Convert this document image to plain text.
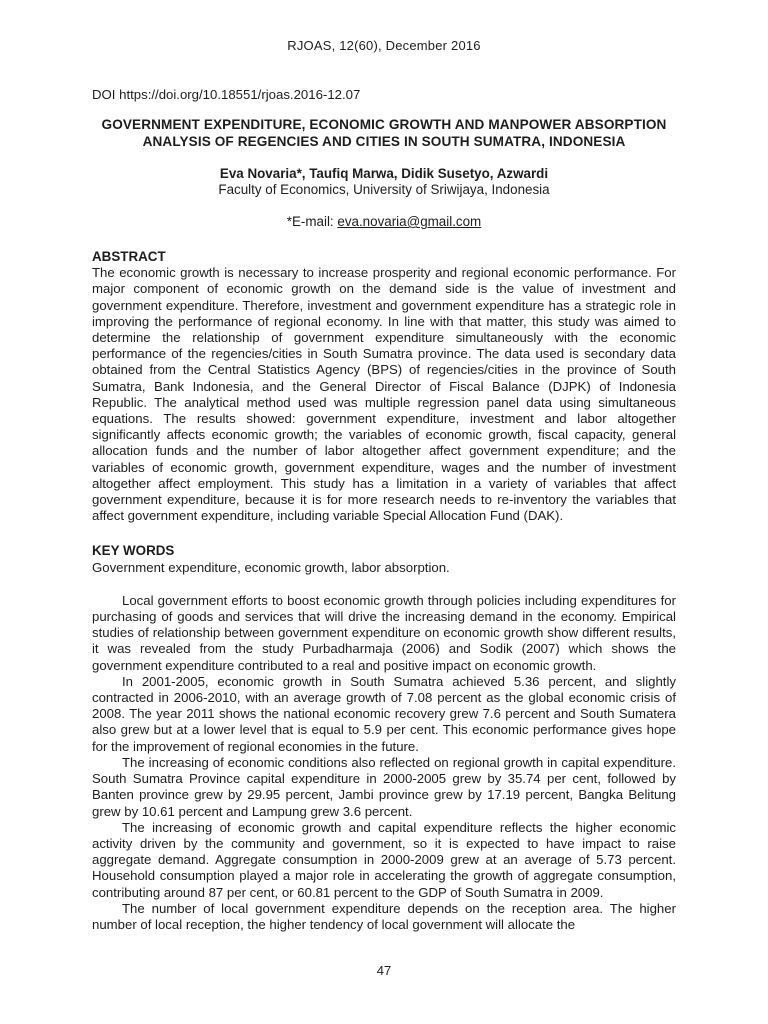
RJOAS, 12(60), December 2016
DOI https://doi.org/10.18551/rjoas.2016-12.07
GOVERNMENT EXPENDITURE, ECONOMIC GROWTH AND MANPOWER ABSORPTION
ANALYSIS OF REGENCIES AND CITIES IN SOUTH SUMATRA, INDONESIA
Eva Novaria*, Taufiq Marwa, Didik Susetyo, Azwardi
Faculty of Economics, University of Sriwijaya, Indonesia
*E-mail: eva.novaria@gmail.com
ABSTRACT

The economic growth is necessary to increase prosperity and regional economic performance. For major component of economic growth on the demand side is the value of investment and government expenditure. Therefore, investment and government expenditure has a strategic role in improving the performance of regional economy. In line with that matter, this study was aimed to determine the relationship of government expenditure simultaneously with the economic performance of the regencies/cities in South Sumatra province. The data used is secondary data obtained from the Central Statistics Agency (BPS) of regencies/cities in the province of South Sumatra, Bank Indonesia, and the General Director of Fiscal Balance (DJPK) of Indonesia Republic. The analytical method used was multiple regression panel data using simultaneous equations. The results showed: government expenditure, investment and labor altogether significantly affects economic growth; the variables of economic growth, fiscal capacity, general allocation funds and the number of labor altogether affect government expenditure; and the variables of economic growth, government expenditure, wages and the number of investment altogether affect employment. This study has a limitation in a variety of variables that affect government expenditure, because it is for more research needs to re-inventory the variables that affect government expenditure, including variable Special Allocation Fund (DAK).

KEY WORDS

Government expenditure, economic growth, labor absorption.

Local government efforts to boost economic growth through policies including expenditures for purchasing of goods and services that will drive the increasing demand in the economy. Empirical studies of relationship between government expenditure on economic growth show different results, it was revealed from the study Purbadharmaja (2006) and Sodik (2007) which shows the government expenditure contributed to a real and positive impact on economic growth.

In 2001-2005, economic growth in South Sumatra achieved 5.36 percent, and slightly contracted in 2006-2010, with an average growth of 7.08 percent as the global economic crisis of 2008. The year 2011 shows the national economic recovery grew 7.6 percent and South Sumatera also grew but at a lower level that is equal to 5.9 per cent. This economic performance gives hope for the improvement of regional economies in the future.

The increasing of economic conditions also reflected on regional growth in capital expenditure. South Sumatra Province capital expenditure in 2000-2005 grew by 35.74 per cent, followed by Banten province grew by 29.95 percent, Jambi province grew by 17.19 percent, Bangka Belitung grew by 10.61 percent and Lampung grew 3.6 percent.

The increasing of economic growth and capital expenditure reflects the higher economic activity driven by the community and government, so it is expected to have impact to raise aggregate demand. Aggregate consumption in 2000-2009 grew at an average of 5.73 percent. Household consumption played a major role in accelerating the growth of aggregate consumption, contributing around 87 per cent, or 60.81 percent to the GDP of South Sumatra in 2009.

The number of local government expenditure depends on the reception area. The higher number of local reception, the higher tendency of local government will allocate the

47
